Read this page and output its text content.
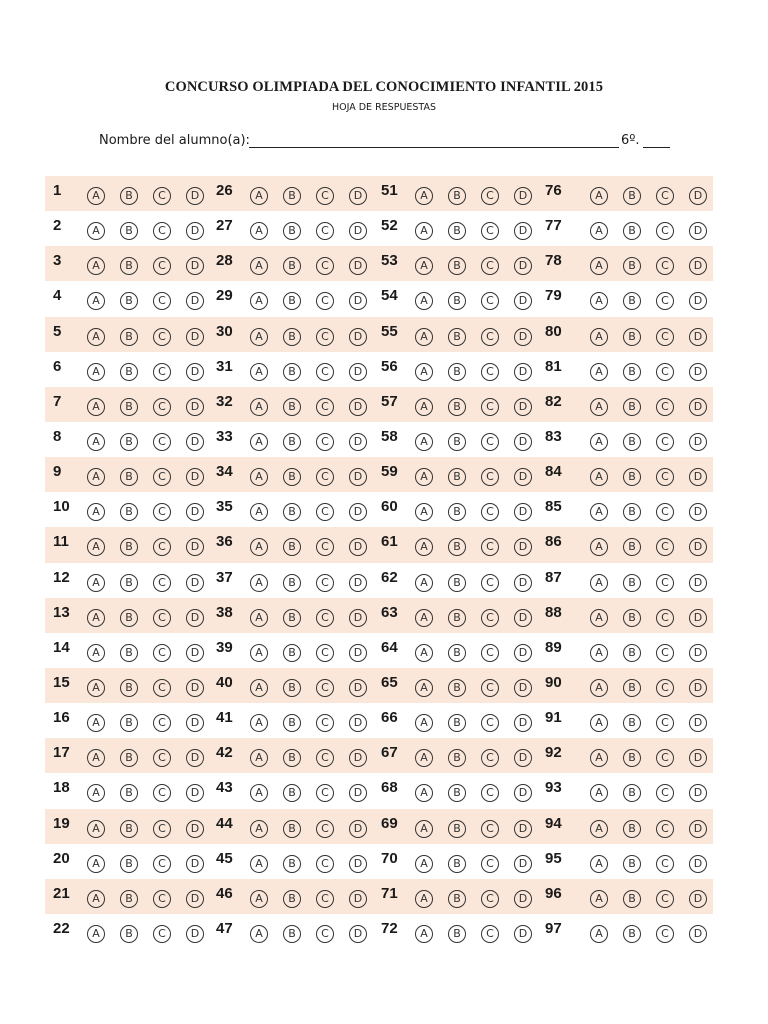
CONCURSO OLIMPIADA DEL CONOCIMIENTO INFANTIL 2015
HOJA DE RESPUESTAS
Nombre del alumno(a):	6º.
1	A	B	C	D	26	A	B	C	D	51	A	B	C	D	76	A	B	C	D
2	A	B	C	D	27	A	B	C	D	52	A	B	C	D	77	A	B	C	D
3	A	B	C	D	28	A	B	C	D	53	A	B	C	D	78	A	B	C	D
4	A	B	C	D	29	A	B	C	D	54	A	B	C	D	79	A	B	C	D
5	A	B	C	D	30	A	B	C	D	55	A	B	C	D	80	A	B	C	D
6	A	B	C	D	31	A	B	C	D	56	A	B	C	D	81	A	B	C	D
7	A	B	C	D	32	A	B	C	D	57	A	B	C	D	82	A	B	C	D
8	A	B	C	D	33	A	B	C	D	58	A	B	C	D	83	A	B	C	D
9	A	B	C	D	34	A	B	C	D	59	A	B	C	D	84	A	B	C	D
10	A	B	C	D	35	A	B	C	D	60	A	B	C	D	85	A	B	C	D
11	A	B	C	D	36	A	B	C	D	61	A	B	C	D	86	A	B	C	D
12	A	B	C	D	37	A	B	C	D	62	A	B	C	D	87	A	B	C	D
13	A	B	C	D	38	A	B	C	D	63	A	B	C	D	88	A	B	C	D
14	A	B	C	D	39	A	B	C	D	64	A	B	C	D	89	A	B	C	D
15	A	B	C	D	40	A	B	C	D	65	A	B	C	D	90	A	B	C	D
16	A	B	C	D	41	A	B	C	D	66	A	B	C	D	91	A	B	C	D
17	A	B	C	D	42	A	B	C	D	67	A	B	C	D	92	A	B	C	D
18	A	B	C	D	43	A	B	C	D	68	A	B	C	D	93	A	B	C	D
19	A	B	C	D	44	A	B	C	D	69	A	B	C	D	94	A	B	C	D
20	A	B	C	D	45	A	B	C	D	70	A	B	C	D	95	A	B	C	D
21	A	B	C	D	46	A	B	C	D	71	A	B	C	D	96	A	B	C	D
22	A	B	C	D	47	A	B	C	D	72	A	B	C	D	97	A	B	C	D
